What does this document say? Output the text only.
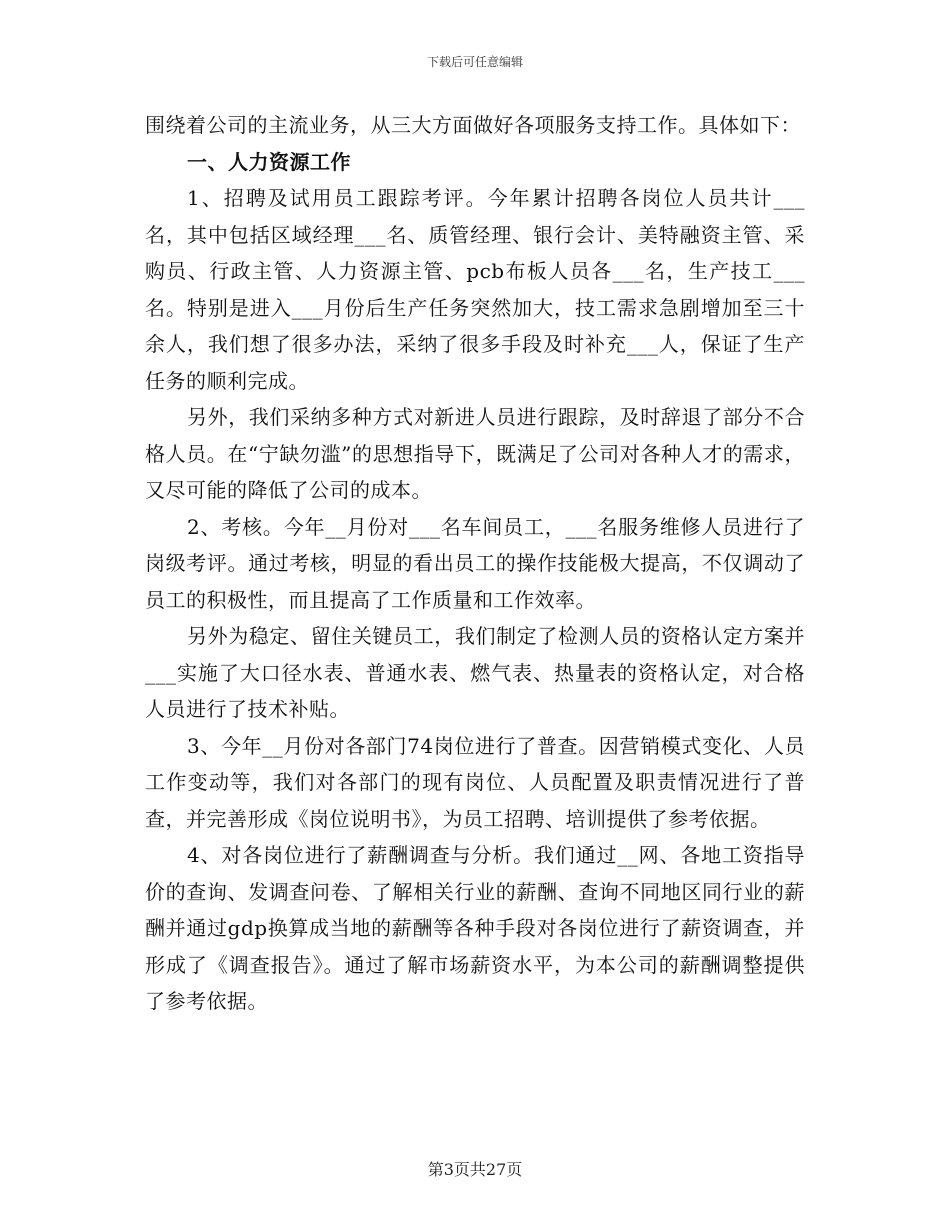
下载后可任意编辑

围绕着公司的主流业务，从三大方面做好各项服务支持工作。具体如下：

一、人力资源工作

1、招聘及试用员工跟踪考评。今年累计招聘各岗位人员共计___名，其中包括区域经理___名、质管经理、银行会计、美特融资主管、采购员、行政主管、人力资源主管、pcb布板人员各___名，生产技工___名。特别是进入___月份后生产任务突然加大，技工需求急剧增加至三十余人，我们想了很多办法，采纳了很多手段及时补充___人，保证了生产任务的顺利完成。

另外，我们采纳多种方式对新进人员进行跟踪，及时辞退了部分不合格人员。在“宁缺勿滥”的思想指导下，既满足了公司对各种人才的需求，又尽可能的降低了公司的成本。

2、考核。今年__月份对___名车间员工，___名服务维修人员进行了岗级考评。通过考核，明显的看出员工的操作技能极大提高，不仅调动了员工的积极性，而且提高了工作质量和工作效率。

另外为稳定、留住关键员工，我们制定了检测人员的资格认定方案并___实施了大口径水表、普通水表、燃气表、热量表的资格认定，对合格人员进行了技术补贴。

3、今年__月份对各部门74岗位进行了普查。因营销模式变化、人员工作变动等，我们对各部门的现有岗位、人员配置及职责情况进行了普查，并完善形成《岗位说明书》，为员工招聘、培训提供了参考依据。

4、对各岗位进行了薪酬调查与分析。我们通过__网、各地工资指导价的查询、发调查问卷、了解相关行业的薪酬、查询不同地区同行业的薪酬并通过gdp换算成当地的薪酬等各种手段对各岗位进行了薪资调查，并形成了《调查报告》。通过了解市场薪资水平，为本公司的薪酬调整提供了参考依据。

第3页共27页
